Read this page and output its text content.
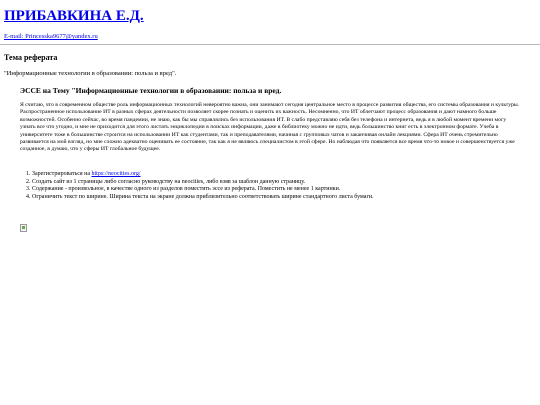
ПРИБАВКИНА Е.Д.
E-mail: Princesska9677@yandex.ru
Тема реферата
"Информационные технологии в образовании: польза и вред".
ЭССЕ на Тему "Информационные технологии в образовании: польза и вред.
Я считаю, что в современном обществе роль информационных технологий невероятно важна, они занимают сегодня центральное место в процессе развития общества, его системы образования и культуры. Распространенное использование ИТ в разных сферах деятельности позволяет скорее познать и оценить их важность. Несомненно, что ИТ облегчают процесс образования и дают намного больше возможностей. Особенно сейчас, во время пандемии, не знаю, как бы мы справлялись без использования ИТ. В слабо представляю себя без телефона и интернета, ведь я в любой момент времени могу узнать все что угодно, и мне не приходится для этого листать энциклопедии в поисках информации, даже в библиотеку можно не идти, ведь большинство книг есть в электронном формате. Учеба в университете тоже в большинстве строится на использовании ИТ как студентами, так и преподавателями, начиная с групповых чатов и заканчивая онлайн лекциями. Сфера ИТ очень стремительно развивается на мой взгляд, но мне сложно адекватно оценивать ее состояние, так как я не являюсь специалистом в этой сфере. Но наблюдая что появляется все время что-то новое и совершенствуется уже созданное, я думаю, что у сферы ИТ глобальное будущее.
1. Зарегистрироваться на https://neocities.org/
2. Создать сайт из 1 страницы либо согласно руководству на neocities, либо взяв за шаблон данную страницу.
3. Содержание - произвольное, в качестве одного из разделов поместить эссе из реферата. Поместить не менее 1 картинки.
4. Ограничить текст по ширине. Ширина текста на экране должна приблизительно соответствовать ширине стандартного листа бумаги.
